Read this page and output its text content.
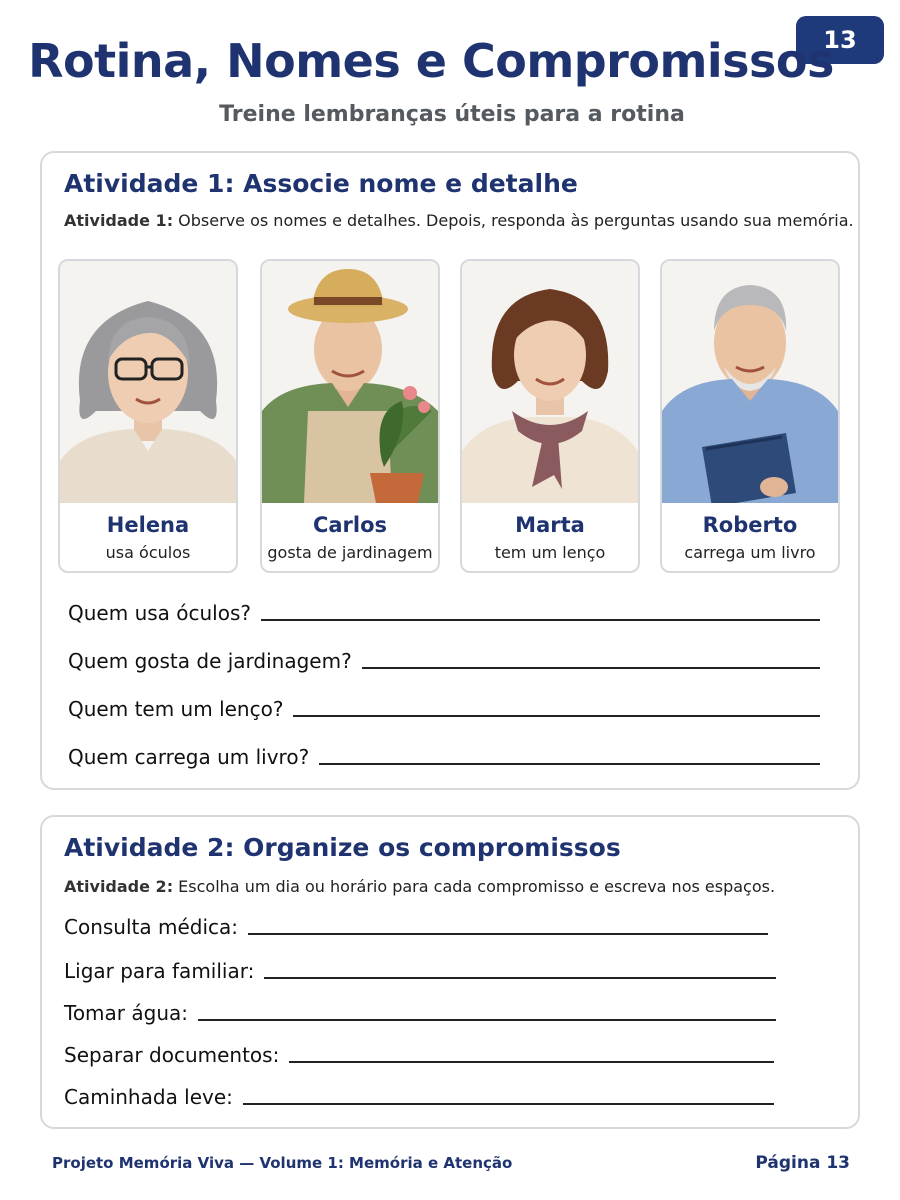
13
Rotina, Nomes e Compromissos
Treine lembranças úteis para a rotina
Atividade 1: Associe nome e detalhe

Atividade 1: Observe os nomes e detalhes. Depois, responda às perguntas usando sua memória.

Helena
usa óculos
Carlos
gosta de jardinagem
Marta
tem um lenço
Roberto
carrega um livro
Quem usa óculos?
Quem gosta de jardinagem?
Quem tem um lenço?
Quem carrega um livro?
Atividade 2: Organize os compromissos

Atividade 2: Escolha um dia ou horário para cada compromisso e escreva nos espaços.

Consulta médica:
Ligar para familiar:
Tomar água:
Separar documentos:
Caminhada leve:
Projeto Memória Viva — Volume 1: Memória e Atenção	Página 13
